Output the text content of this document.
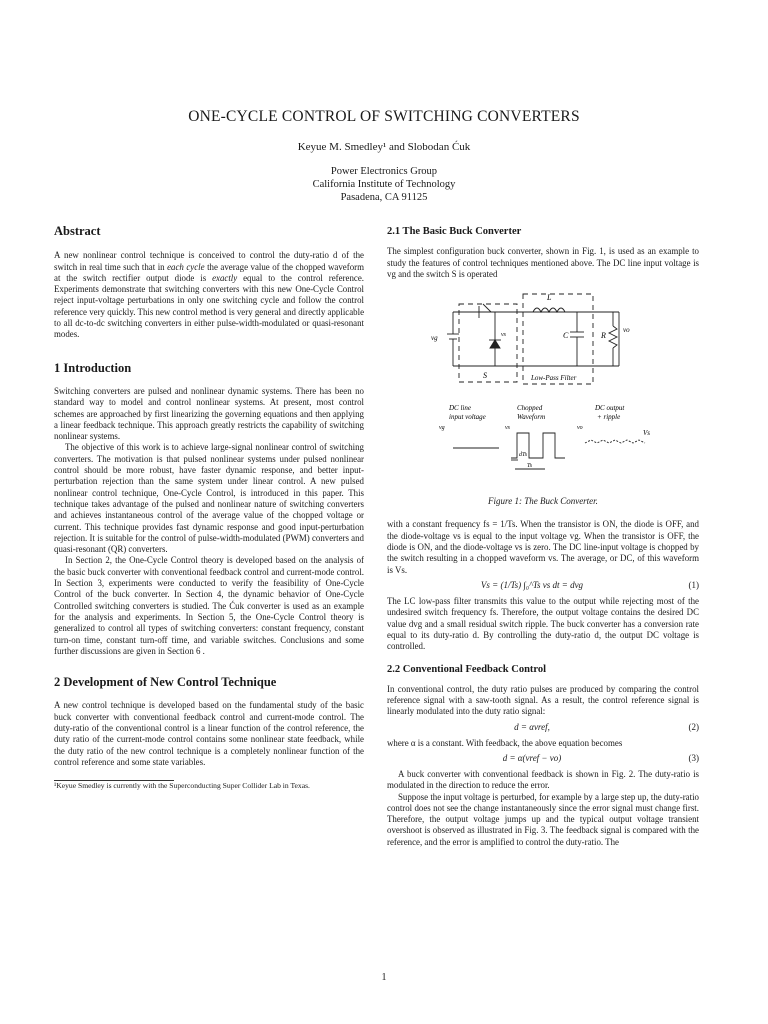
ONE-CYCLE CONTROL OF SWITCHING CONVERTERS
Keyue M. Smedley¹ and Slobodan Ćuk
Power Electronics Group
California Institute of Technology
Pasadena, CA 91125
Abstract

A new nonlinear control technique is conceived to control the duty-ratio d of the switch in real time such that in each cycle the average value of the chopped waveform at the switch rectifier output diode is exactly equal to the control reference. Experiments demonstrate that switching converters with this new One-Cycle Control reject input-voltage perturbations in only one switching cycle and follow the control reference very quickly. This new control method is very general and directly applicable to all dc-to-dc switching converters in either pulse-width-modulated or quasi-resonant modes.

1 Introduction

Switching converters are pulsed and nonlinear dynamic systems. There has been no standard way to model and control nonlinear systems. At present, most control schemes are approached by first linearizing the governing equations and then applying a linear feedback technique. This approach greatly restricts the capability of switching nonlinear systems.

The objective of this work is to achieve large-signal nonlinear control of switching converters. The motivation is that pulsed nonlinear systems under pulsed nonlinear control should be more robust, have faster dynamic response, and better input-perturbation rejection than the same system under linear control. A new pulsed nonlinear control technique, One-Cycle Control, is introduced in this paper. This technique takes advantage of the pulsed and nonlinear nature of switching converters and achieves instantaneous control of the average value of the chopped voltage or current. This technique provides fast dynamic response and good input-perturbation rejection. It is suitable for the control of pulse-width-modulated (PWM) converters and quasi-resonant (QR) converters.

In Section 2, the One-Cycle Control theory is developed based on the analysis of the basic buck converter with conventional feedback control and current-mode control. In Section 3, experiments were conducted to verify the feasibility of One-Cycle Control of the buck converter. In Section 4, the dynamic behavior of One-Cycle Controlled switching converters is studied. The Ćuk converter is used as an example for the analysis and experiments. In Section 5, the One-Cycle Control theory is generalized to control all types of switching converters: constant frequency, constant turn-on time, constant turn-off time, and variable switches. Conclusions and some further discussions are given in Section 6 .

2 Development of New Control Technique

A new control technique is developed based on the fundamental study of the basic buck converter with conventional feedback control and current-mode control. The duty-ratio of the conventional control is a linear function of the control reference, the duty ratio of the current-mode control contains some nonlinear state feedback, while the duty ratio of the new control technique is a completely nonlinear function of the control reference and some state variables.

¹Keyue Smedley is currently with the Superconducting Super Collider Lab in Texas.

2.1 The Basic Buck Converter

The simplest configuration buck converter, shown in Fig. 1, is used as an example to study the features of control techniques mentioned above. The DC line input voltage is vg and the switch S is operated

vg
L
C	R
vo
vs
S	Low-Pass Filter
DC line
input voltage
Chopped
Waveform
DC output
+ ripple
vg	vs	vo
Vs
dTs
Ts

Figure 1: The Buck Converter.

with a constant frequency fs = 1/Ts. When the transistor is ON, the diode is OFF, and the diode-voltage vs is equal to the input voltage vg. When the transistor is OFF, the diode is ON, and the diode-voltage vs is zero. The DC line-input voltage is chopped by the switch resulting in a chopped waveform vs. The average, or DC, of this waveform is Vs.

Vs = (1/Ts) ∫₀^Ts vs dt = dvg	(1)

The LC low-pass filter transmits this value to the output while rejecting most of the undesired switch frequency fs. Therefore, the output voltage contains the desired DC value dvg and a small residual switch ripple. The buck converter has a conversion rate equal to its duty-ratio d. By controlling the duty-ratio d, the output DC voltage is controlled.

2.2 Conventional Feedback Control

In conventional control, the duty ratio pulses are produced by comparing the control reference signal with a saw-tooth signal. As a result, the control reference signal is linearly modulated into the duty ratio signal:

d = αvref,	(2)

where α is a constant. With feedback, the above equation becomes

d = α(vref − vo)	(3)

A buck converter with conventional feedback is shown in Fig. 2. The duty-ratio is modulated in the direction to reduce the error.

Suppose the input voltage is perturbed, for example by a large step up, the duty-ratio control does not see the change instantaneously since the error signal must change first. Therefore, the output voltage jumps up and the typical output voltage transient overshoot is observed as illustrated in Fig. 3. The feedback signal is compared with the reference, and the error is amplified to control the duty-ratio. The

1
